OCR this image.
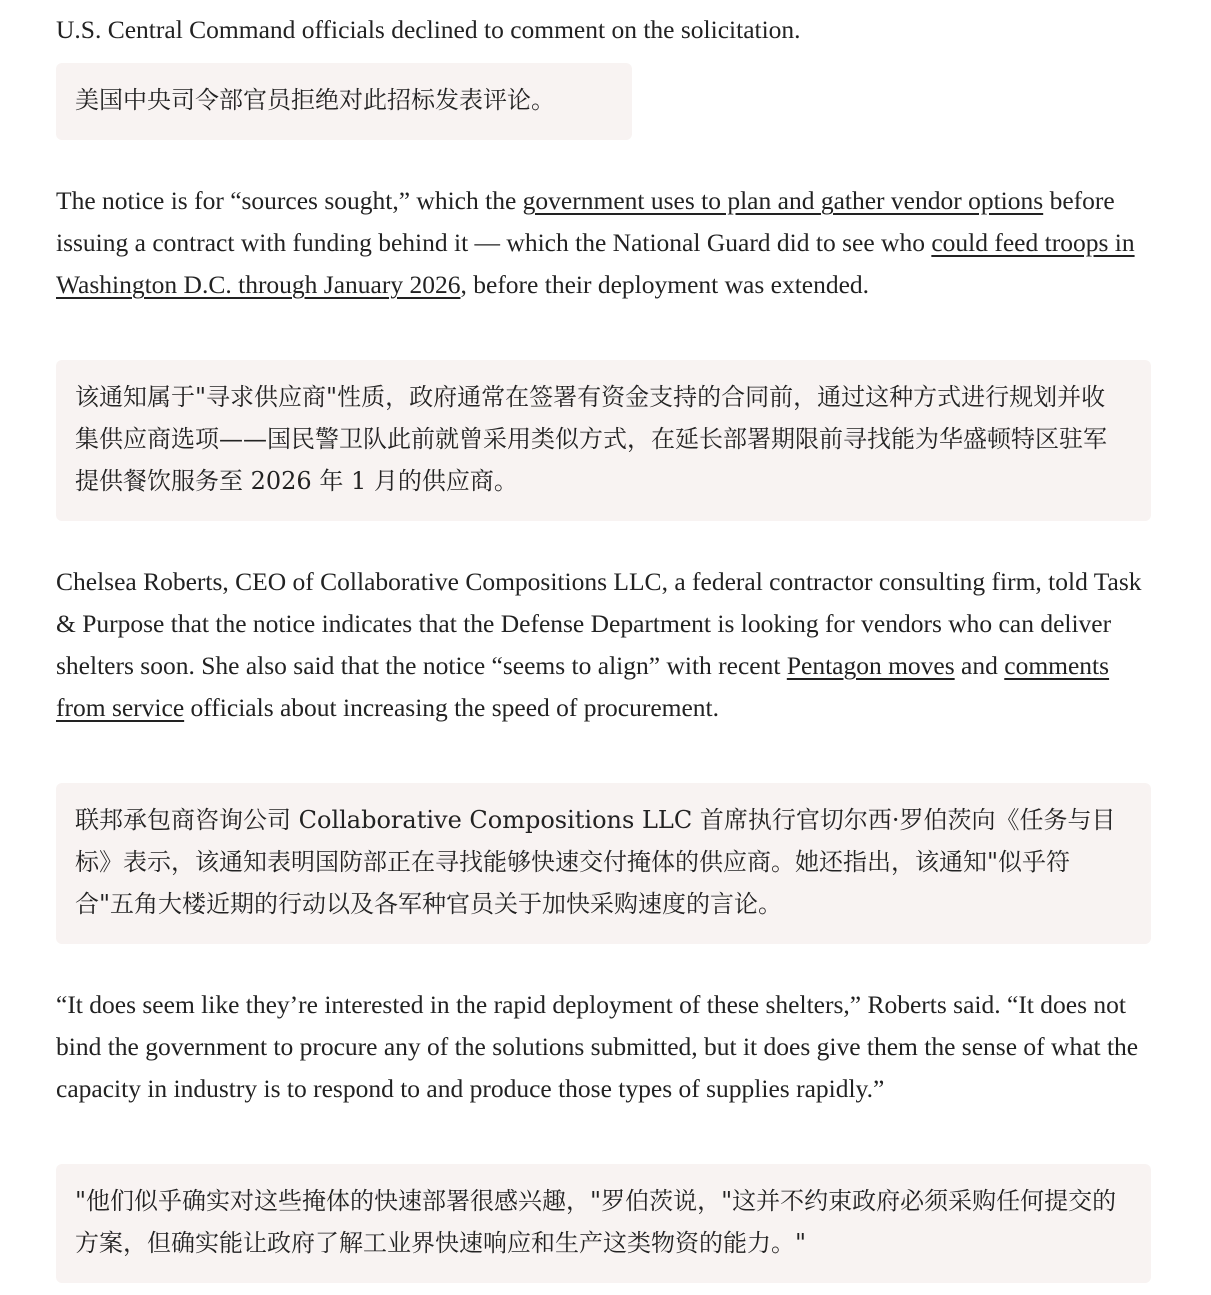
U.S. Central Command officials declined to comment on the solicitation.

美国中央司令部官员拒绝对此招标发表评论。

The notice is for “sources sought,” which the government uses to plan and gather vendor options before issuing a contract with funding behind it — which the National Guard did to see who could feed troops in Washington D.C. through January 2026, before their deployment was extended.

该通知属于"寻求供应商"性质，政府通常在签署有资金支持的合同前，通过这种方式进行规划并收集供应商选项——国民警卫队此前就曾采用类似方式，在延长部署期限前寻找能为华盛顿特区驻军提供餐饮服务至 2026 年 1 月的供应商。

Chelsea Roberts, CEO of Collaborative Compositions LLC, a federal contractor consulting firm, told Task & Purpose that the notice indicates that the Defense Department is looking for vendors who can deliver shelters soon. She also said that the notice “seems to align” with recent Pentagon moves and comments from service officials about increasing the speed of procurement.

联邦承包商咨询公司 Collaborative Compositions LLC 首席执行官切尔西·罗伯茨向《任务与目标》表示，该通知表明国防部正在寻找能够快速交付掩体的供应商。她还指出，该通知"似乎符合"五角大楼近期的行动以及各军种官员关于加快采购速度的言论。

“It does seem like they’re interested in the rapid deployment of these shelters,” Roberts said. “It does not bind the government to procure any of the solutions submitted, but it does give them the sense of what the capacity in industry is to respond to and produce those types of supplies rapidly.”

"他们似乎确实对这些掩体的快速部署很感兴趣，"罗伯茨说，"这并不约束政府必须采购任何提交的方案，但确实能让政府了解工业界快速响应和生产这类物资的能力。"
